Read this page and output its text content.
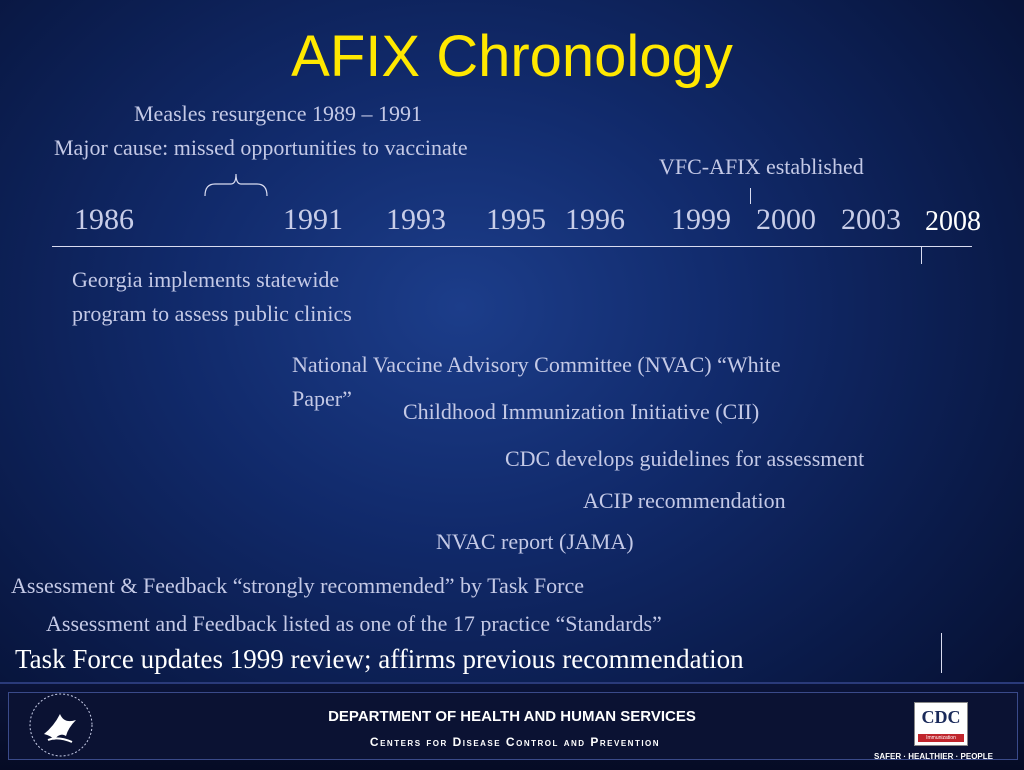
AFIX Chronology
Measles resurgence 1989 – 1991
Major cause: missed opportunities to vaccinate
VFC-AFIX established
1986	1991 1993 1995 1996 1999 2000 2003 2008
Georgia implements statewide
program to assess public clinics
National Vaccine Advisory Committee (NVAC) “White
Paper”
Childhood Immunization Initiative (CII)
CDC develops guidelines for assessment
ACIP recommendation
NVAC report (JAMA)
Assessment & Feedback “strongly recommended” by Task Force
Assessment and Feedback listed as one of the 17 practice “Standards”
Task Force updates 1999 review; affirms previous recommendation
DEPARTMENT OF HEALTH AND HUMAN SERVICES
Centers for Disease Control and Prevention
CDC
Immunization
SAFER · HEALTHIER · PEOPLE
